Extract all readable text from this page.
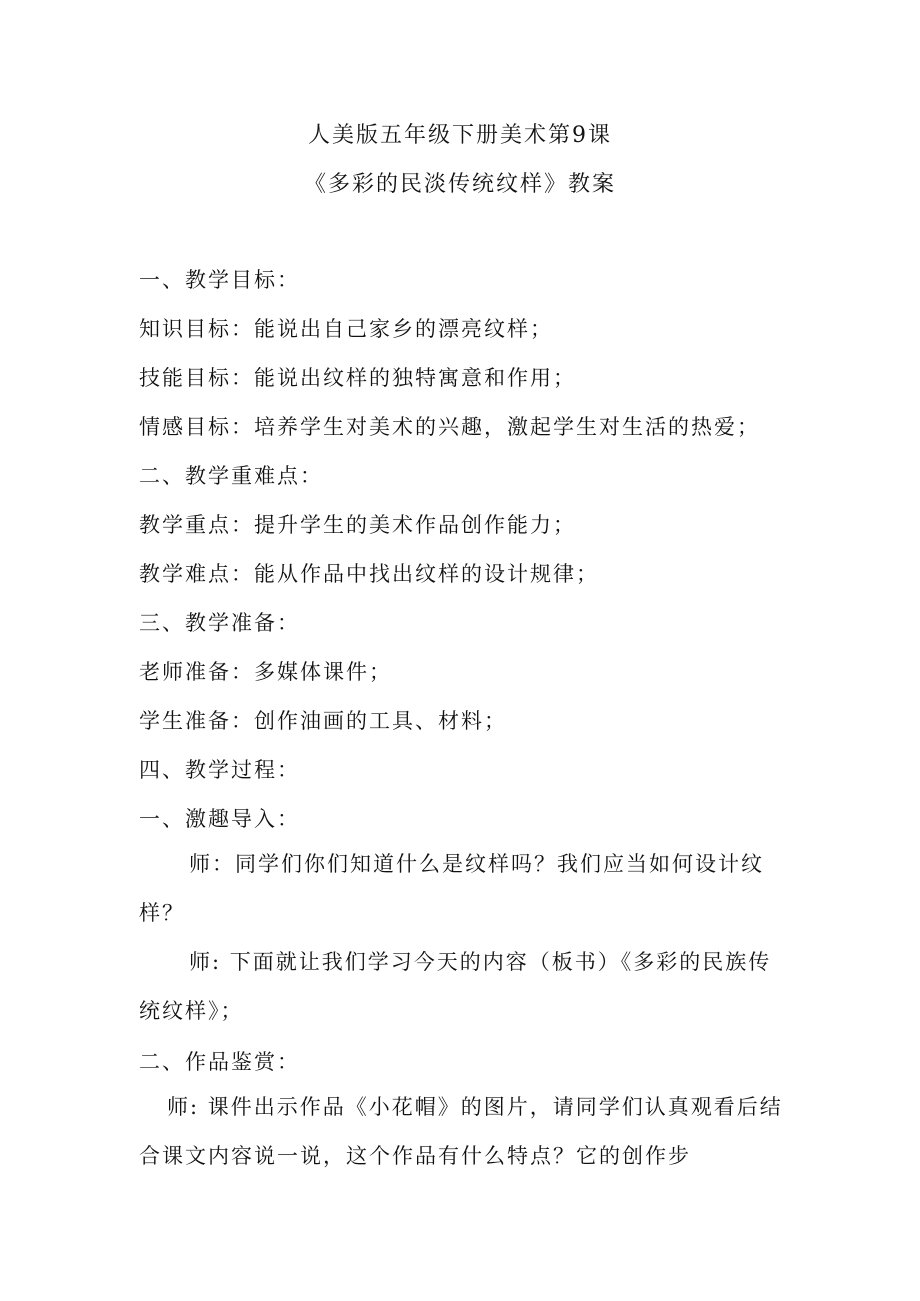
人美版五年级下册美术第9课
《多彩的民淡传统纹样》教案
一、教学目标：
知识目标：能说出自己家乡的漂亮纹样；
技能目标：能说出纹样的独特寓意和作用；
情感目标：培养学生对美术的兴趣，激起学生对生活的热爱；
二、教学重难点：
教学重点：提升学生的美术作品创作能力；
教学难点：能从作品中找出纹样的设计规律；
三、教学准备：
老师准备：多媒体课件；
学生准备：创作油画的工具、材料；
四、教学过程：
一、激趣导入：
师：同学们你们知道什么是纹样吗？我们应当如何设计纹样？
师: 下面就让我们学习今天的内容（板书）《多彩的民族传统纹样》；
二、作品鉴赏：
师: 课件出示作品《小花帽》的图片，请同学们认真观看后结合课文内容说一说，这个作品有什么特点？它的创作步
